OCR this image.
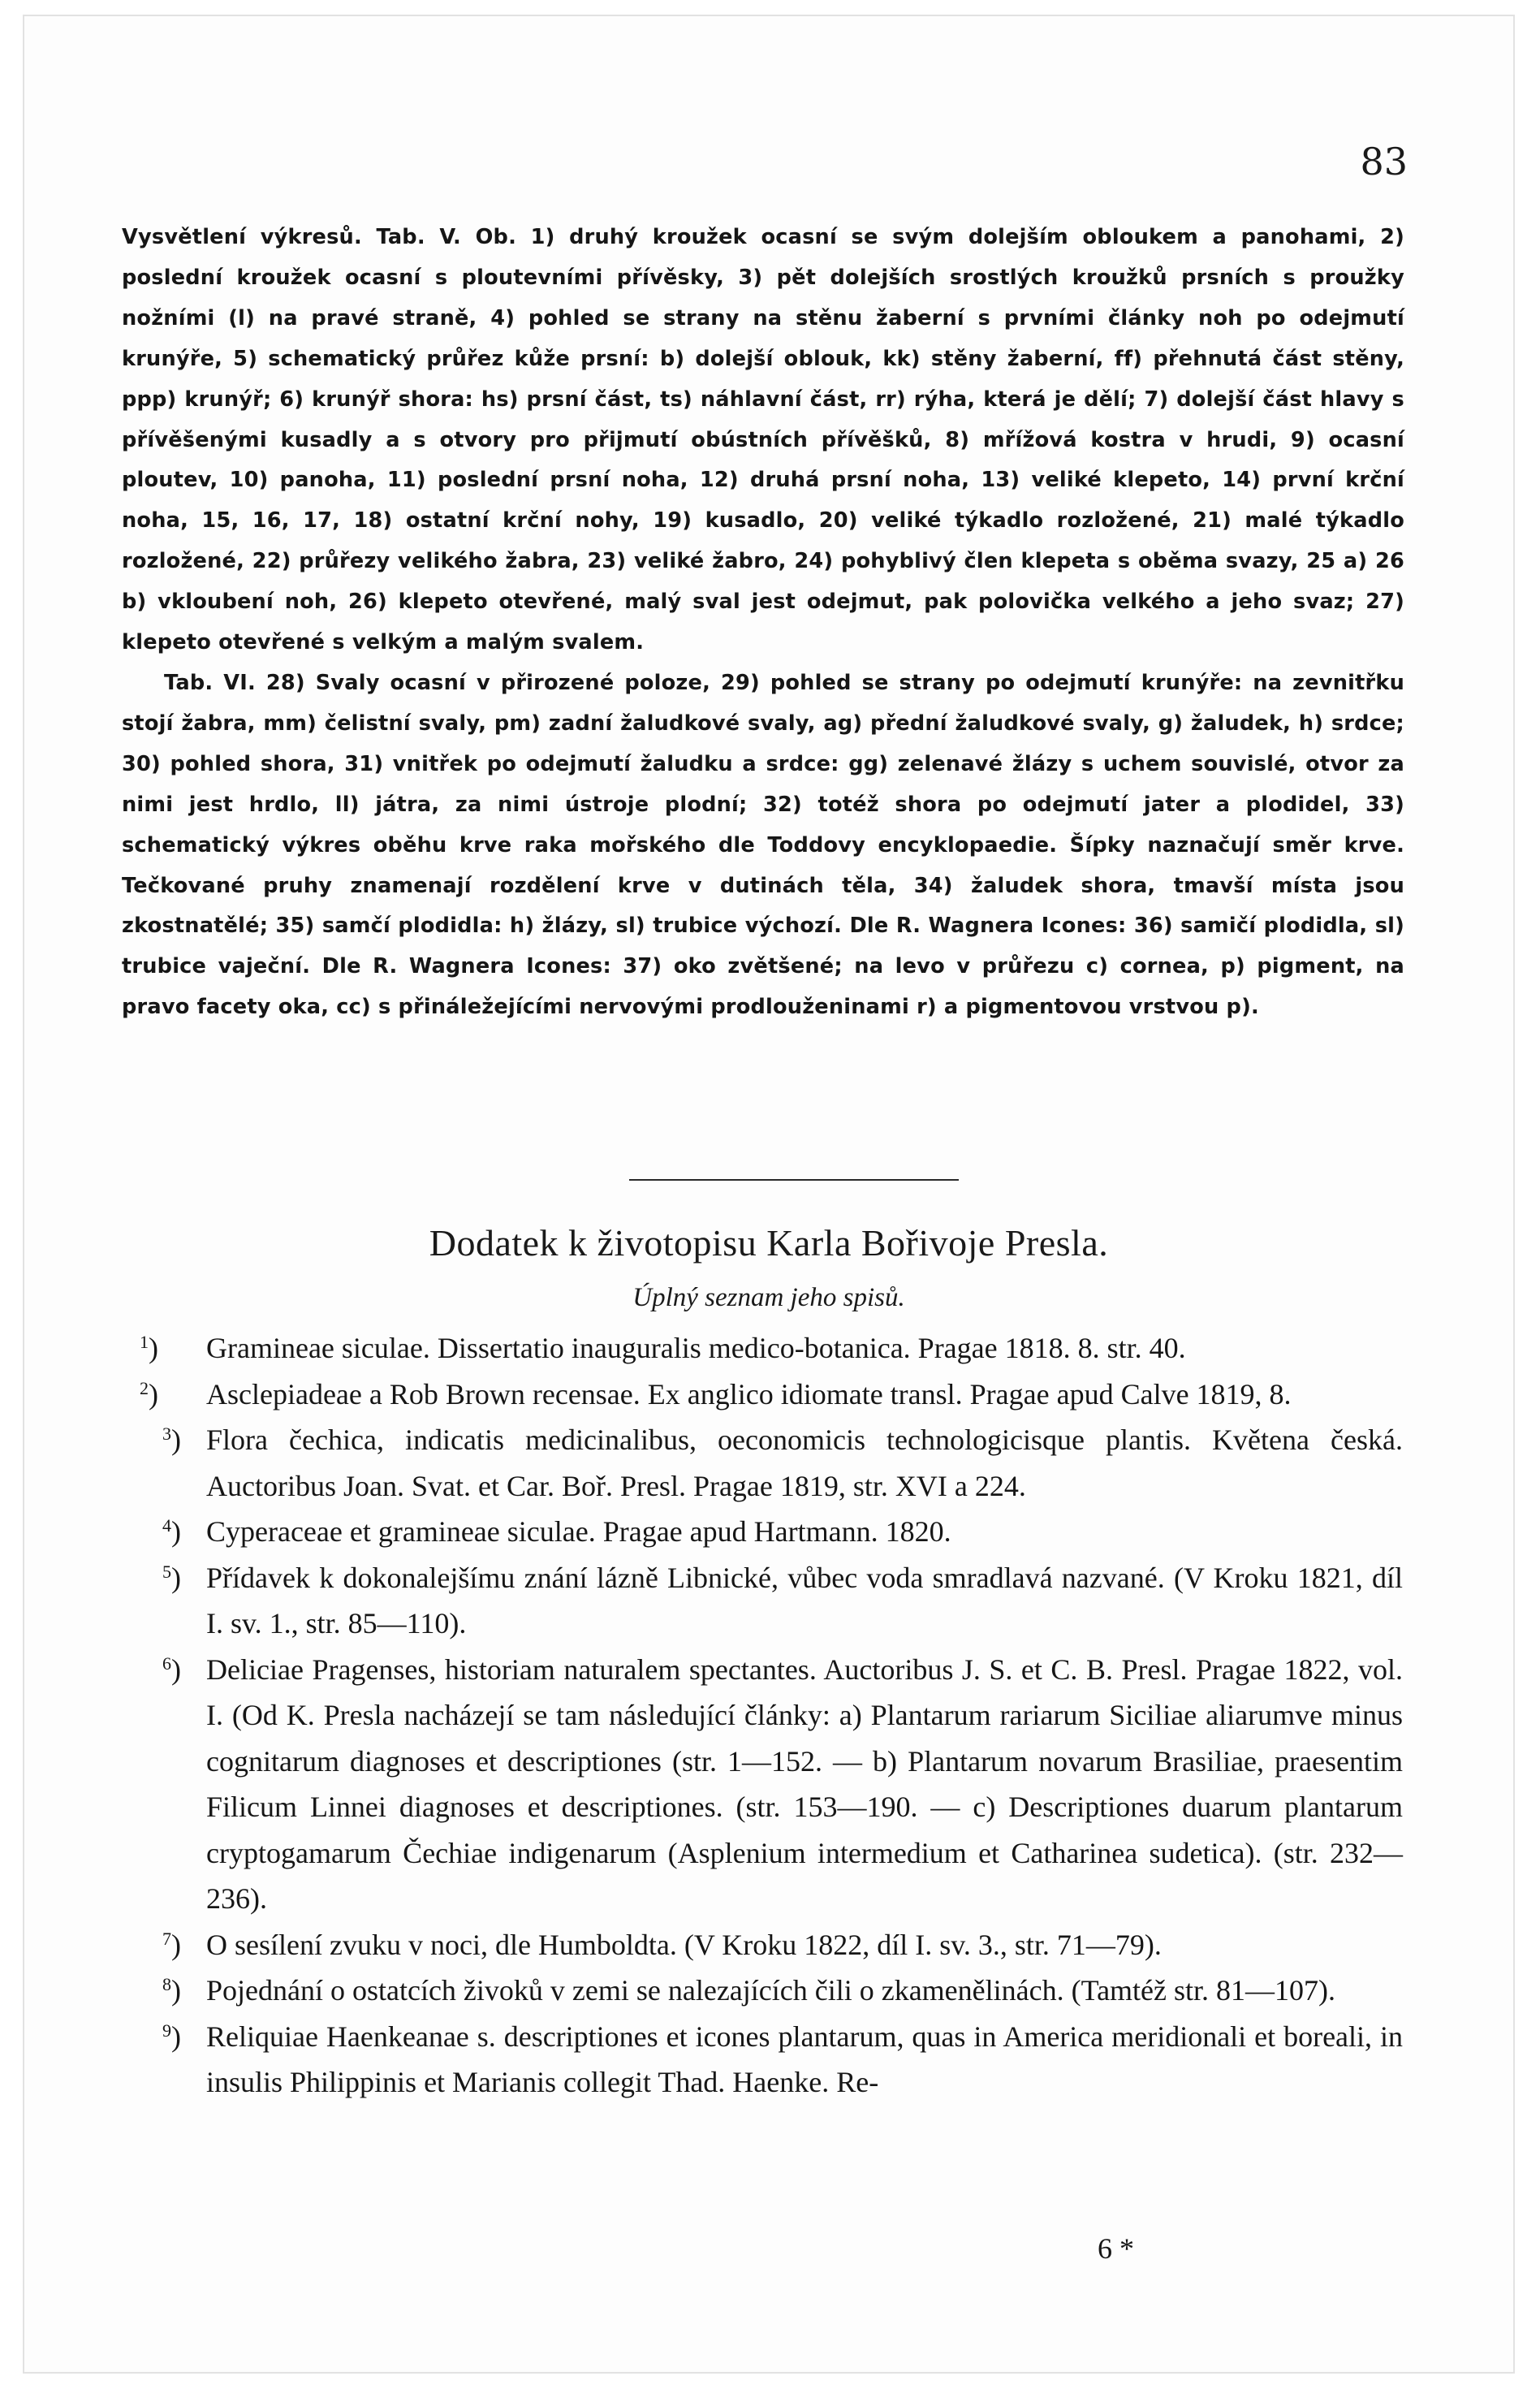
83

Vysvětlení výkresů. Tab. V. Ob. 1) druhý kroužek ocasní se svým dolejším obloukem a panohami, 2) poslední kroužek ocasní s ploutevními přívěsky, 3) pět dolejších srostlých kroužků prsních s proužky nožními (l) na pravé straně, 4) pohled se strany na stěnu žaberní s prvními články noh po odejmutí krunýře, 5) schematický průřez kůže prsní: b) dolejší oblouk, kk) stěny žaberní, ff) přehnutá část stěny, ppp) krunýř; 6) krunýř shora: hs) prsní část, ts) náhlavní část, rr) rýha, která je dělí; 7) dolejší část hlavy s přívěšenými kusadly a s otvory pro přijmutí obústních přívěšků, 8) mřížová kostra v hrudi, 9) ocasní ploutev, 10) panoha, 11) poslední prsní noha, 12) druhá prsní noha, 13) veliké klepeto, 14) první krční noha, 15, 16, 17, 18) ostatní krční nohy, 19) kusadlo, 20) veliké týkadlo rozložené, 21) malé týkadlo rozložené, 22) průřezy velikého žabra, 23) veliké žabro, 24) pohyblivý člen klepeta s oběma svazy, 25 a) 26 b) vkloubení noh, 26) klepeto otevřené, malý sval jest odejmut, pak polovička velkého a jeho svaz; 27) klepeto otevřené s velkým a malým svalem.

Tab. VI. 28) Svaly ocasní v přirozené poloze, 29) pohled se strany po odejmutí krunýře: na zevnitřku stojí žabra, mm) čelistní svaly, pm) zadní žaludkové svaly, ag) přední žaludkové svaly, g) žaludek, h) srdce; 30) pohled shora, 31) vnitřek po odejmutí žaludku a srdce: gg) zelenavé žlázy s uchem souvislé, otvor za nimi jest hrdlo, ll) játra, za nimi ústroje plodní; 32) totéž shora po odejmutí jater a plodidel, 33) schematický výkres oběhu krve raka mořského dle Toddovy encyklopaedie. Šípky naznačují směr krve. Tečkované pruhy znamenají rozdělení krve v dutinách těla, 34) žaludek shora, tmavší místa jsou zkostnatělé; 35) samčí plodidla: h) žlázy, sl) trubice výchozí. Dle R. Wagnera Icones: 36) samičí plodidla, sl) trubice vaječní. Dle R. Wagnera Icones: 37) oko zvětšené; na levo v průřezu c) cornea, p) pigment, na pravo facety oka, cc) s přináležejícími nervovými prodlouženinami r) a pigmentovou vrstvou p).

Dodatek k životopisu Karla Bořivoje Presla.
Úplný seznam jeho spisů.
$^1$) Gramineae siculae. Dissertatio inauguralis medico-botanica. Pragae 1818. 8. str. 40.
$^2$) Asclepiadeae a Rob Brown recensae. Ex anglico idiomate transl. Pragae apud Calve 1819, 8.
$^3$) Flora čechica, indicatis medicinalibus, oeconomicis technologicisque plantis. Květena česká. Auctoribus Joan. Svat. et Car. Boř. Presl. Pragae 1819, str. XVI a 224.
$^4$) Cyperaceae et gramineae siculae. Pragae apud Hartmann. 1820.
$^5$) Přídavek k dokonalejšímu znání lázně Libnické, vůbec voda smradlavá nazvané. (V Kroku 1821, díl I. sv. 1., str. 85—110).
$^6$) Deliciae Pragenses, historiam naturalem spectantes. Auctoribus J. S. et C. B. Presl. Pragae 1822, vol. I. (Od K. Presla nacházejí se tam následující články: a) Plantarum rariarum Siciliae aliarumve minus cognitarum diagnoses et descriptiones (str. 1—152. — b) Plantarum novarum Brasiliae, praesentim Filicum Linnei diagnoses et descriptiones. (str. 153—190. — c) Descriptiones duarum plantarum cryptogamarum Čechiae indigenarum (Asplenium intermedium et Catharinea sudetica). (str. 232—236).
$^7$) O sesílení zvuku v noci, dle Humboldta. (V Kroku 1822, díl I. sv. 3., str. 71—79).
$^8$) Pojednání o ostatcích živoků v zemi se nalezajících čili o zkamenělinách. (Tamtéž str. 81—107).
$^9$) Reliquiae Haenkeanae s. descriptiones et icones plantarum, quas in America meridionali et boreali, in insulis Philippinis et Marianis collegit Thad. Haenke. Re-
6 *
